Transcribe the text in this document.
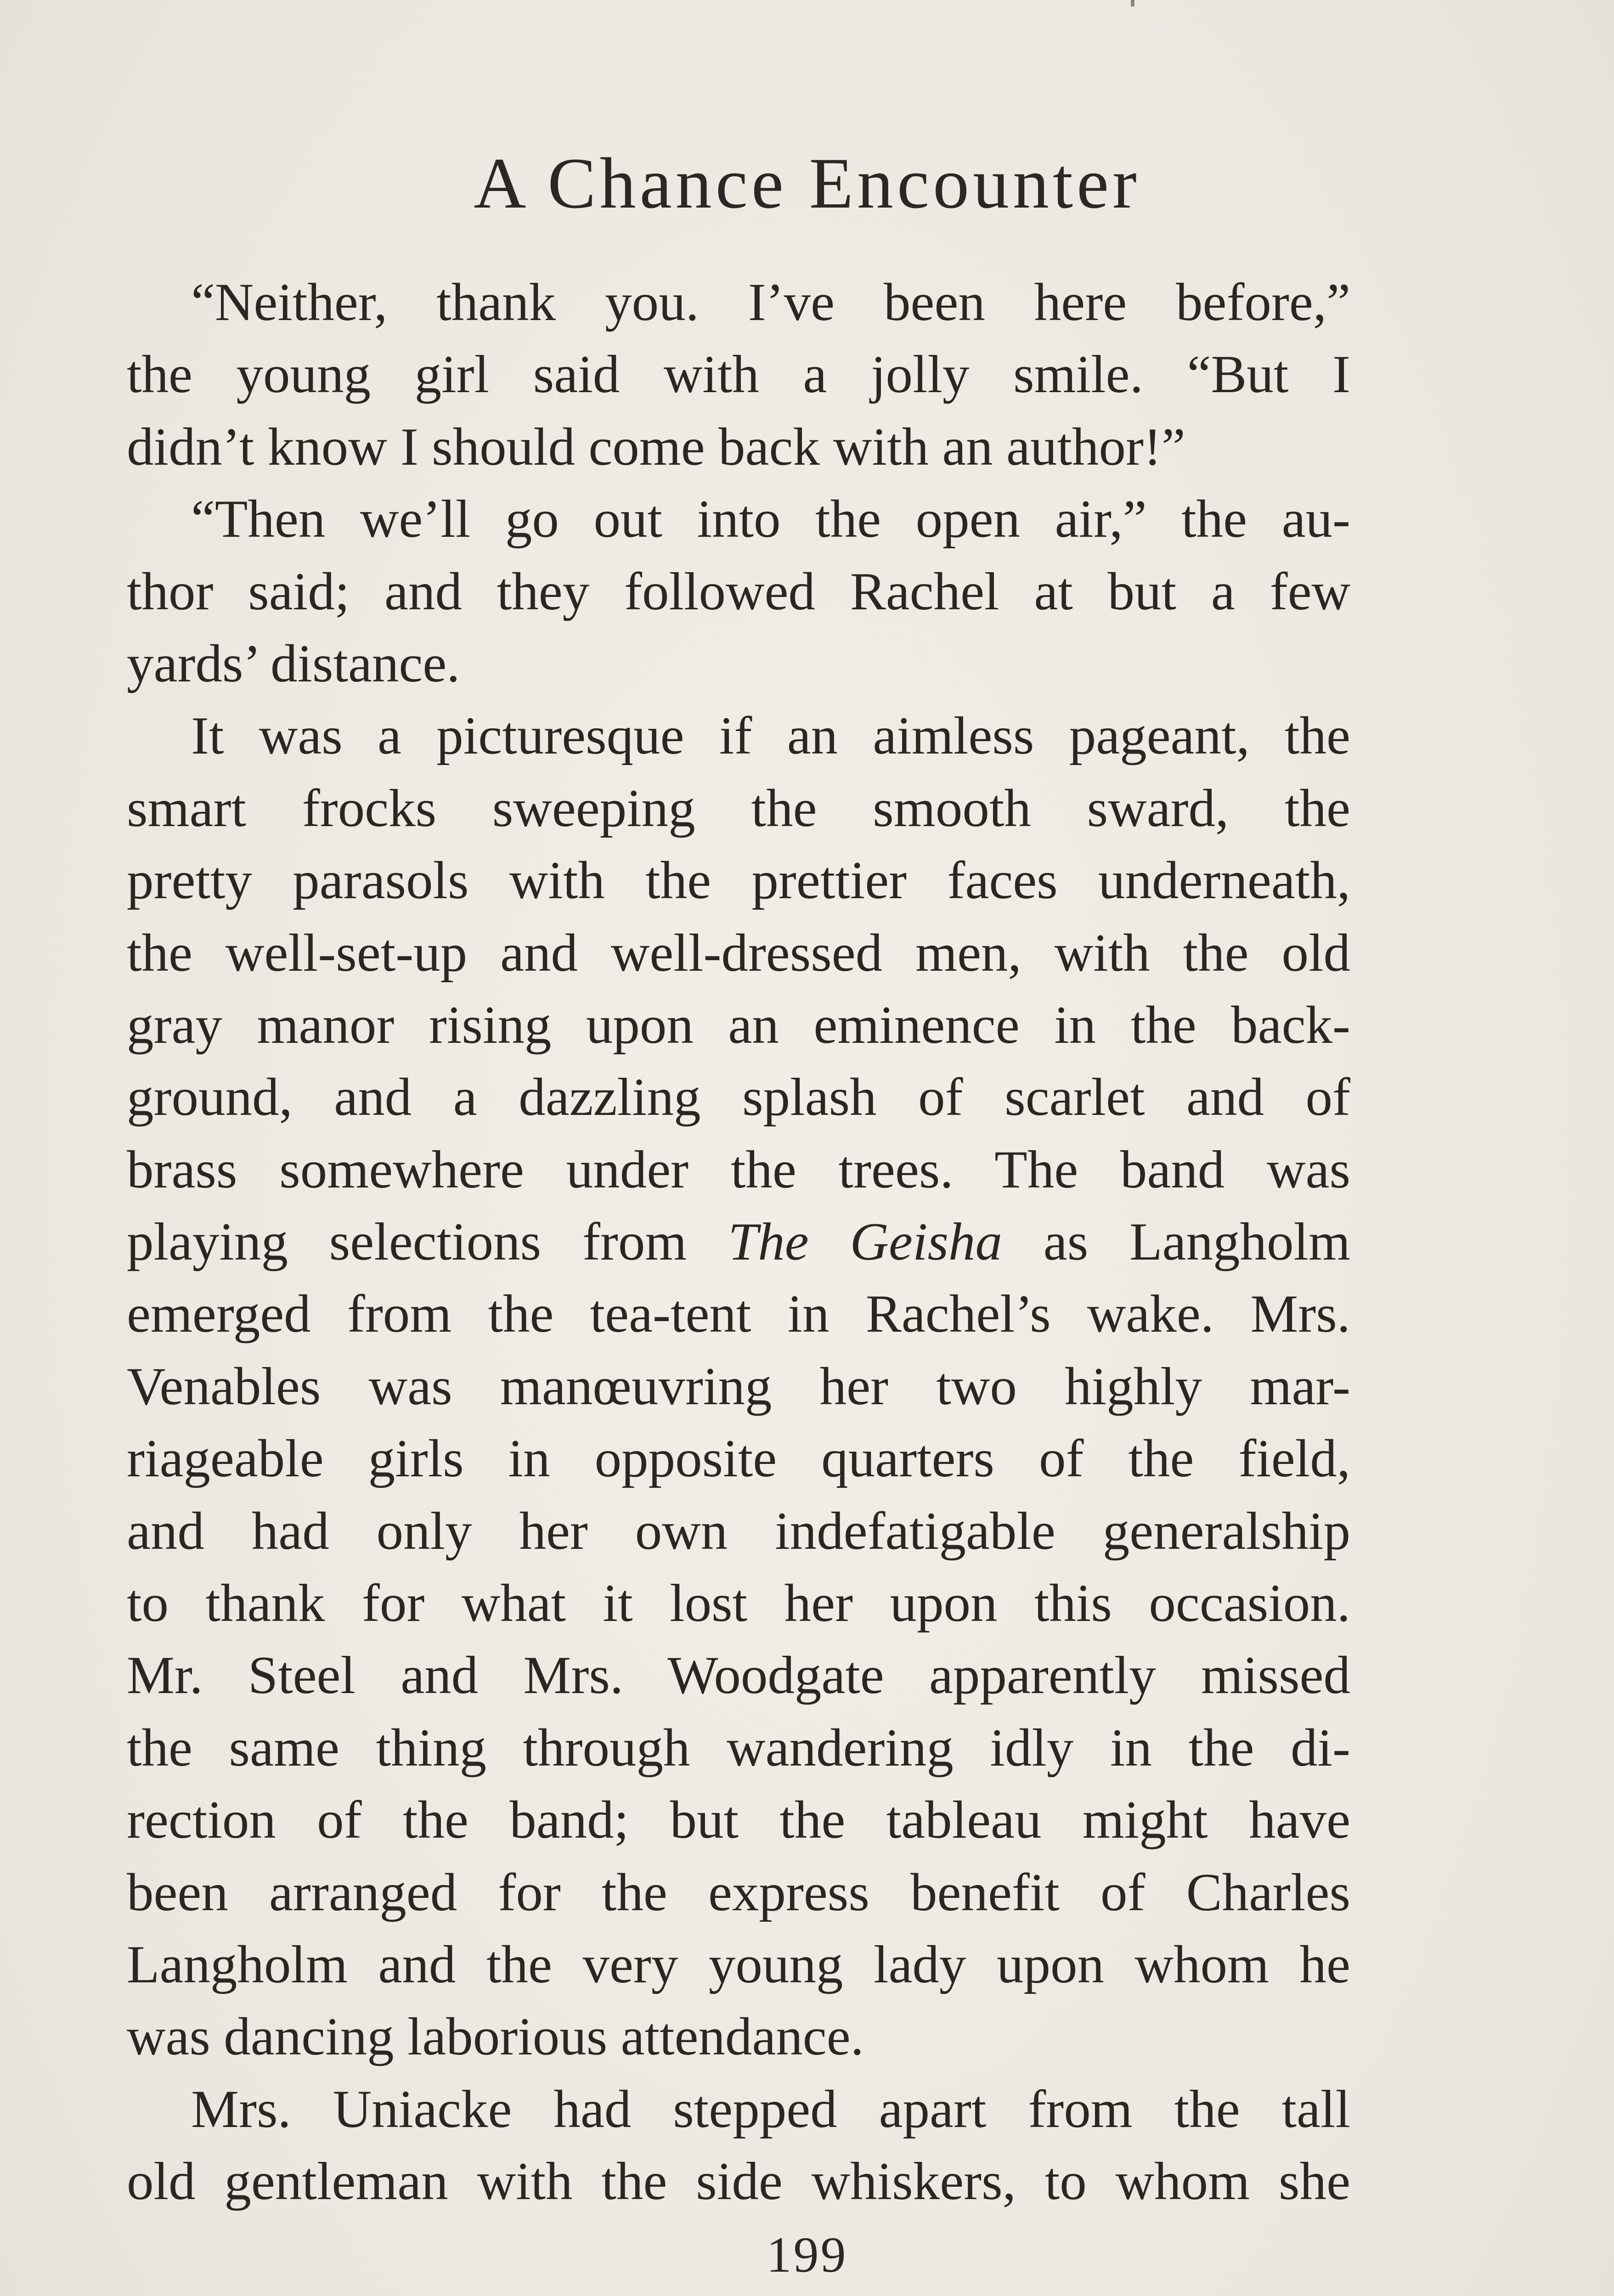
A Chance Encounter
“Neither, thank you. I’ve been here before,”
the young girl said with a jolly smile. “But I
didn’t know I should come back with an author!”
“Then we’ll go out into the open air,” the au-
thor said; and they followed Rachel at but a few
yards’ distance.
It was a picturesque if an aimless pageant, the
smart frocks sweeping the smooth sward, the
pretty parasols with the prettier faces underneath,
the well-set-up and well-dressed men, with the old
gray manor rising upon an eminence in the back-
ground, and a dazzling splash of scarlet and of
brass somewhere under the trees. The band was
playing selections from The Geisha as Langholm
emerged from the tea-tent in Rachel’s wake. Mrs.
Venables was manœuvring her two highly mar-
riageable girls in opposite quarters of the field,
and had only her own indefatigable generalship
to thank for what it lost her upon this occasion.
Mr. Steel and Mrs. Woodgate apparently missed
the same thing through wandering idly in the di-
rection of the band; but the tableau might have
been arranged for the express benefit of Charles
Langholm and the very young lady upon whom he
was dancing laborious attendance.
Mrs. Uniacke had stepped apart from the tall
old gentleman with the side whiskers, to whom she
199
